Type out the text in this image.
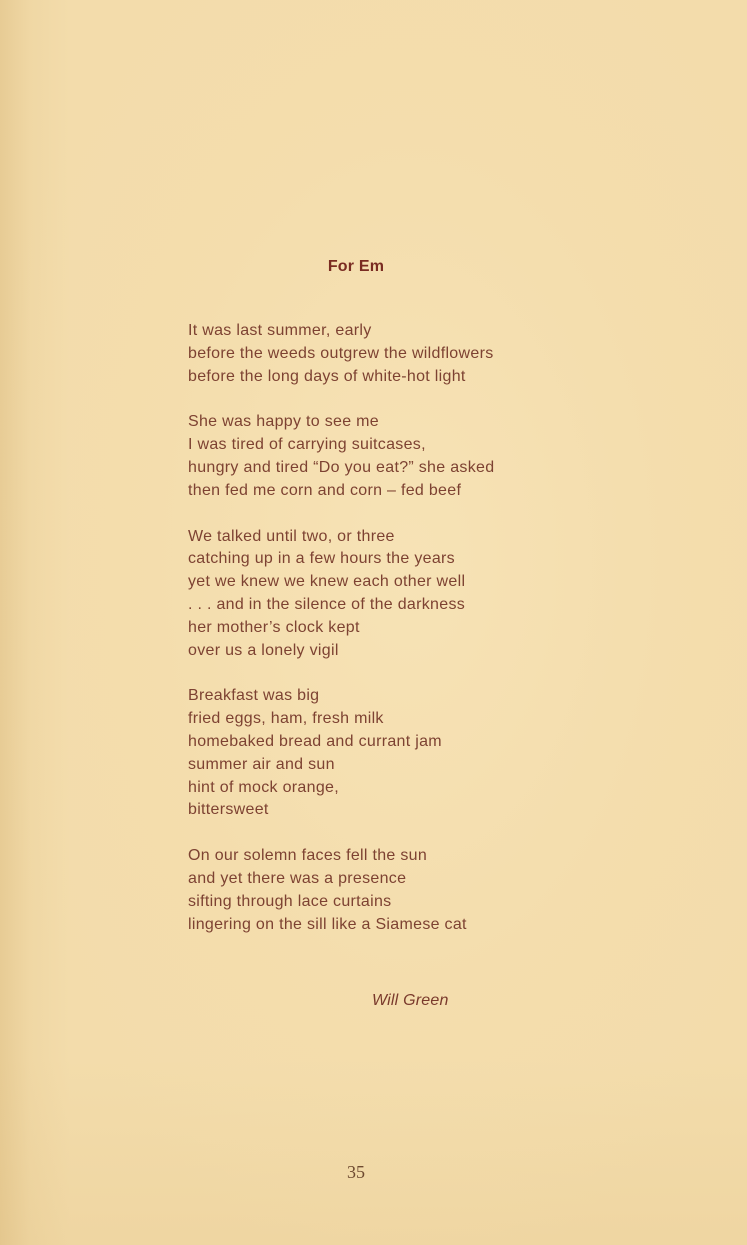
For Em
It was last summer, early
before the weeds outgrew the wildflowers
before the long days of white-hot light
She was happy to see me
I was tired of carrying suitcases,
hungry and tired “Do you eat?” she asked
then fed me corn and corn – fed beef
We talked until two, or three
catching up in a few hours the years
yet we knew we knew each other well
. . . and in the silence of the darkness
her mother’s clock kept
over us a lonely vigil
Breakfast was big
fried eggs, ham, fresh milk
homebaked bread and currant jam
summer air and sun
hint of mock orange,
bittersweet
On our solemn faces fell the sun
and yet there was a presence
sifting through lace curtains
lingering on the sill like a Siamese cat
Will Green
35
